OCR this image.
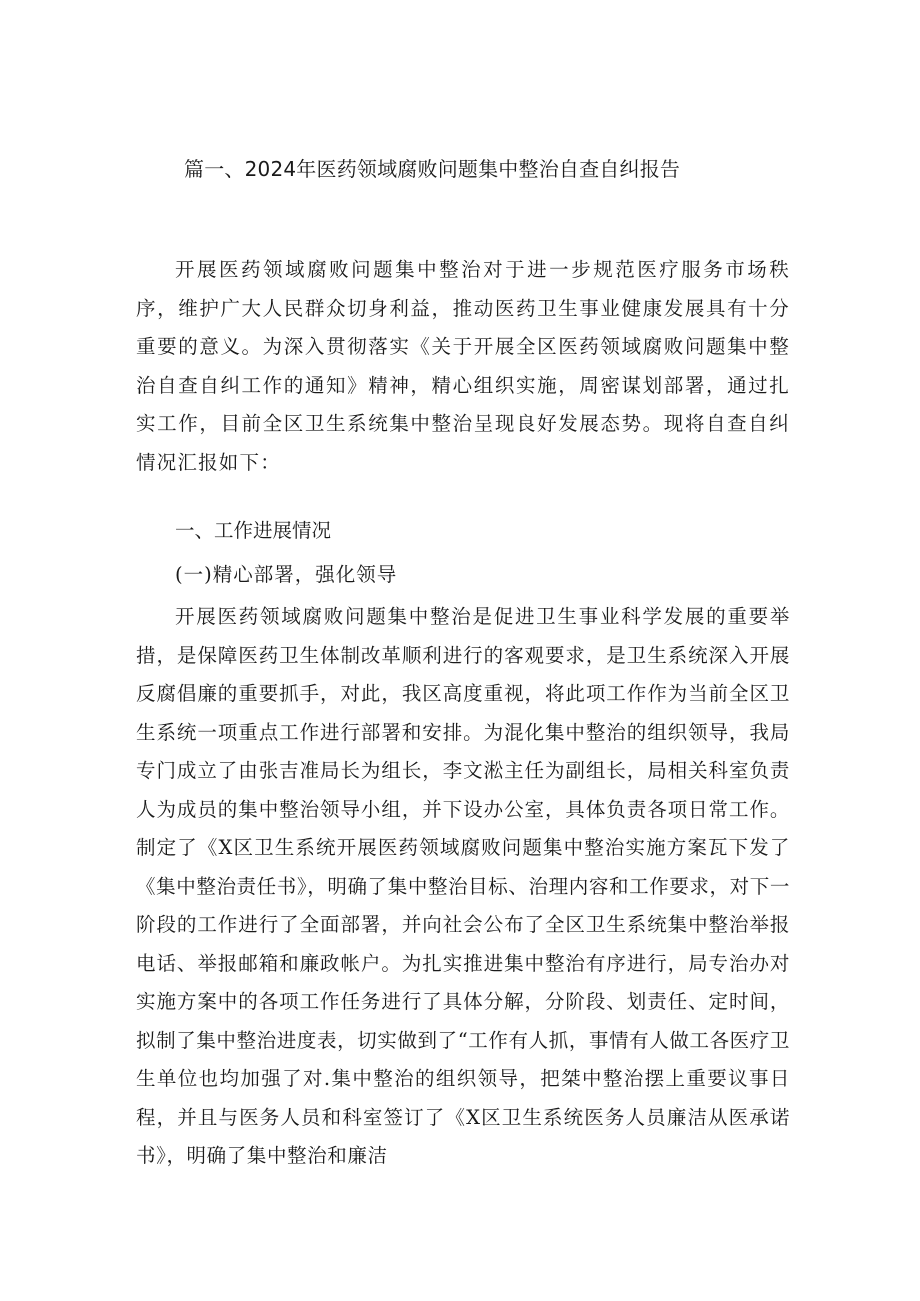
篇一、2024年医药领域腐败问题集中整治自查自纠报告

开展医药领域腐败问题集中整治对于进一步规范医疗服务市场秩序，维护广大人民群众切身利益，推动医药卫生事业健康发展具有十分重要的意义。为深入贯彻落实《关于开展全区医药领域腐败问题集中整治自查自纠工作的通知》精神，精心组织实施，周密谋划部署，通过扎实工作，目前全区卫生系统集中整治呈现良好发展态势。现将自查自纠情况汇报如下：

一、工作进展情况

(一)精心部署，强化领导

开展医药领域腐败问题集中整治是促进卫生事业科学发展的重要举措，是保障医药卫生体制改革顺利进行的客观要求，是卫生系统深入开展反腐倡廉的重要抓手，对此，我区高度重视，将此项工作作为当前全区卫生系统一项重点工作进行部署和安排。为混化集中整治的组织领导，我局专门成立了由张吉准局长为组长，李文淞主任为副组长，局相关科室负责人为成员的集中整治领导小组，并下设办公室，具体负责各项日常工作。制定了《X区卫生系统开展医药领域腐败问题集中整治实施方案瓦下发了《集中整治责任书》，明确了集中整治目标、治理内容和工作要求，对下一阶段的工作进行了全面部署，并向社会公布了全区卫生系统集中整治举报电话、举报邮箱和廉政帐户。为扎实推进集中整治有序进行，局专治办对实施方案中的各项工作任务进行了具体分解，分阶段、划责任、定时间，拟制了集中整治进度表，切实做到了“工作有人抓，事情有人做工各医疗卫生单位也均加强了对.集中整治的组织领导，把桀中整治摆上重要议事日程，并且与医务人员和科室签订了《X区卫生系统医务人员廉洁从医承诺书》，明确了集中整治和廉洁
